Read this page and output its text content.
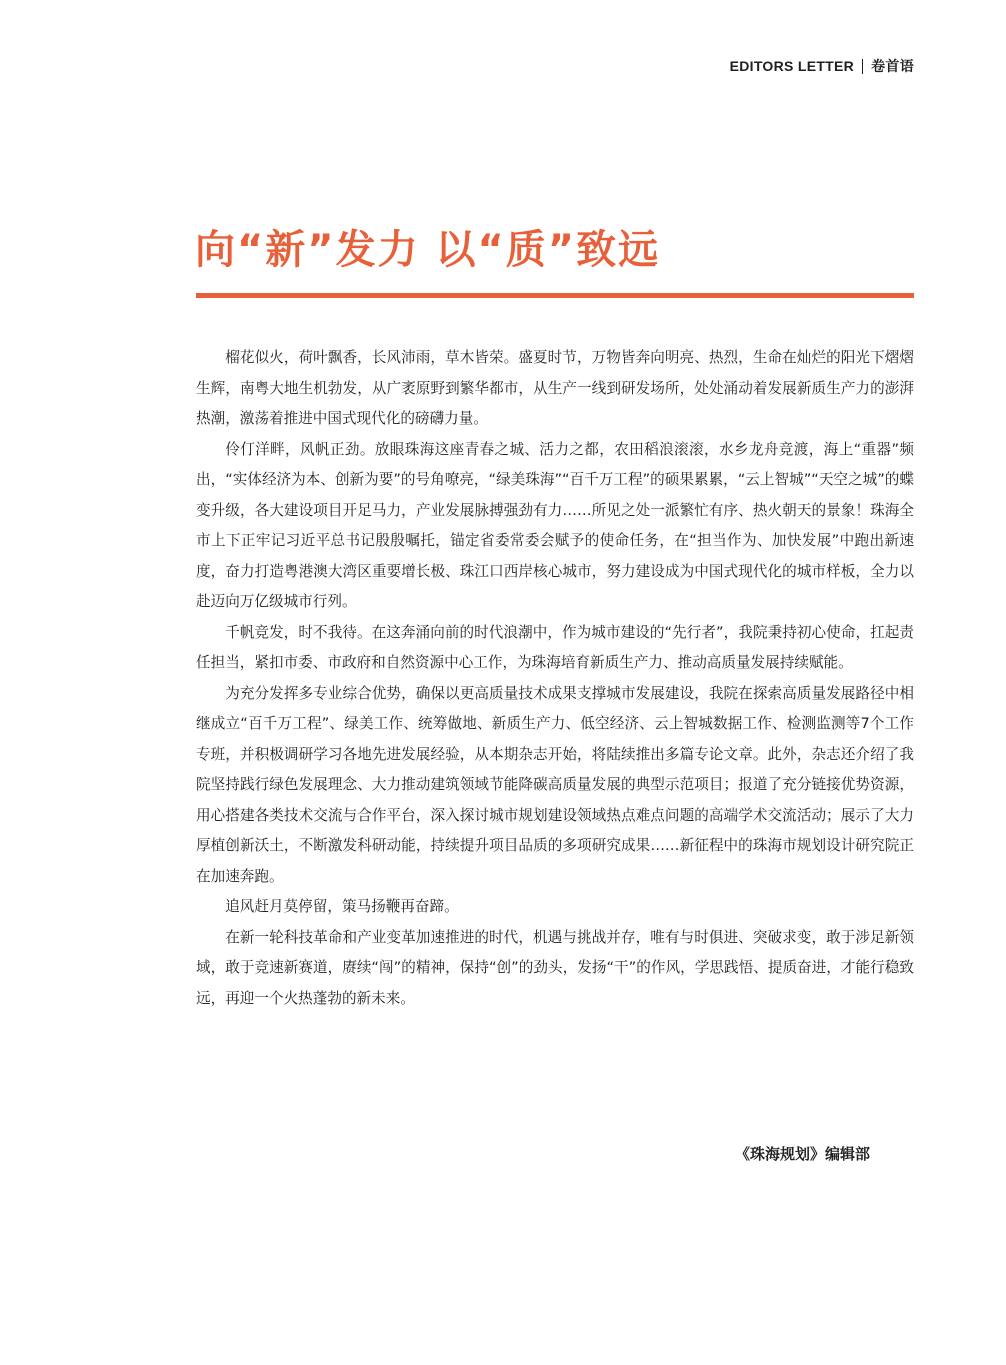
EDITORS LETTER 卷首语
向“新”发力 以“质”致远

榴花似火，荷叶飘香，长风沛雨，草木皆荣。盛夏时节，万物皆奔向明亮、热烈，生命在灿烂的阳光下熠熠生辉，南粤大地生机勃发，从广袤原野到繁华都市，从生产一线到研发场所，处处涌动着发展新质生产力的澎湃热潮，激荡着推进中国式现代化的磅礴力量。

伶仃洋畔，风帆正劲。放眼珠海这座青春之城、活力之都，农田稻浪滚滚，水乡龙舟竞渡，海上“重器”频出，“实体经济为本、创新为要”的号角嘹亮，“绿美珠海”“百千万工程”的硕果累累，“云上智城”“天空之城”的蝶变升级，各大建设项目开足马力，产业发展脉搏强劲有力……所见之处一派繁忙有序、热火朝天的景象！珠海全市上下正牢记习近平总书记殷殷嘱托，锚定省委常委会赋予的使命任务，在“担当作为、加快发展”中跑出新速度，奋力打造粤港澳大湾区重要增长极、珠江口西岸核心城市，努力建设成为中国式现代化的城市样板，全力以赴迈向万亿级城市行列。

千帆竞发，时不我待。在这奔涌向前的时代浪潮中，作为城市建设的“先行者”，我院秉持初心使命，扛起责任担当，紧扣市委、市政府和自然资源中心工作，为珠海培育新质生产力、推动高质量发展持续赋能。

为充分发挥多专业综合优势，确保以更高质量技术成果支撑城市发展建设，我院在探索高质量发展路径中相继成立“百千万工程”、绿美工作、统筹做地、新质生产力、低空经济、云上智城数据工作、检测监测等7个工作专班，并积极调研学习各地先进发展经验，从本期杂志开始，将陆续推出多篇专论文章。此外，杂志还介绍了我院坚持践行绿色发展理念、大力推动建筑领域节能降碳高质量发展的典型示范项目；报道了充分链接优势资源，用心搭建各类技术交流与合作平台，深入探讨城市规划建设领域热点难点问题的高端学术交流活动；展示了大力厚植创新沃土，不断激发科研动能，持续提升项目品质的多项研究成果……新征程中的珠海市规划设计研究院正在加速奔跑。

追风赶月莫停留，策马扬鞭再奋蹄。

在新一轮科技革命和产业变革加速推进的时代，机遇与挑战并存，唯有与时俱进、突破求变，敢于涉足新领域，敢于竞速新赛道，赓续“闯”的精神，保持“创”的劲头，发扬“干”的作风，学思践悟、提质奋进，才能行稳致远，再迎一个火热蓬勃的新未来。

《珠海规划》编辑部
